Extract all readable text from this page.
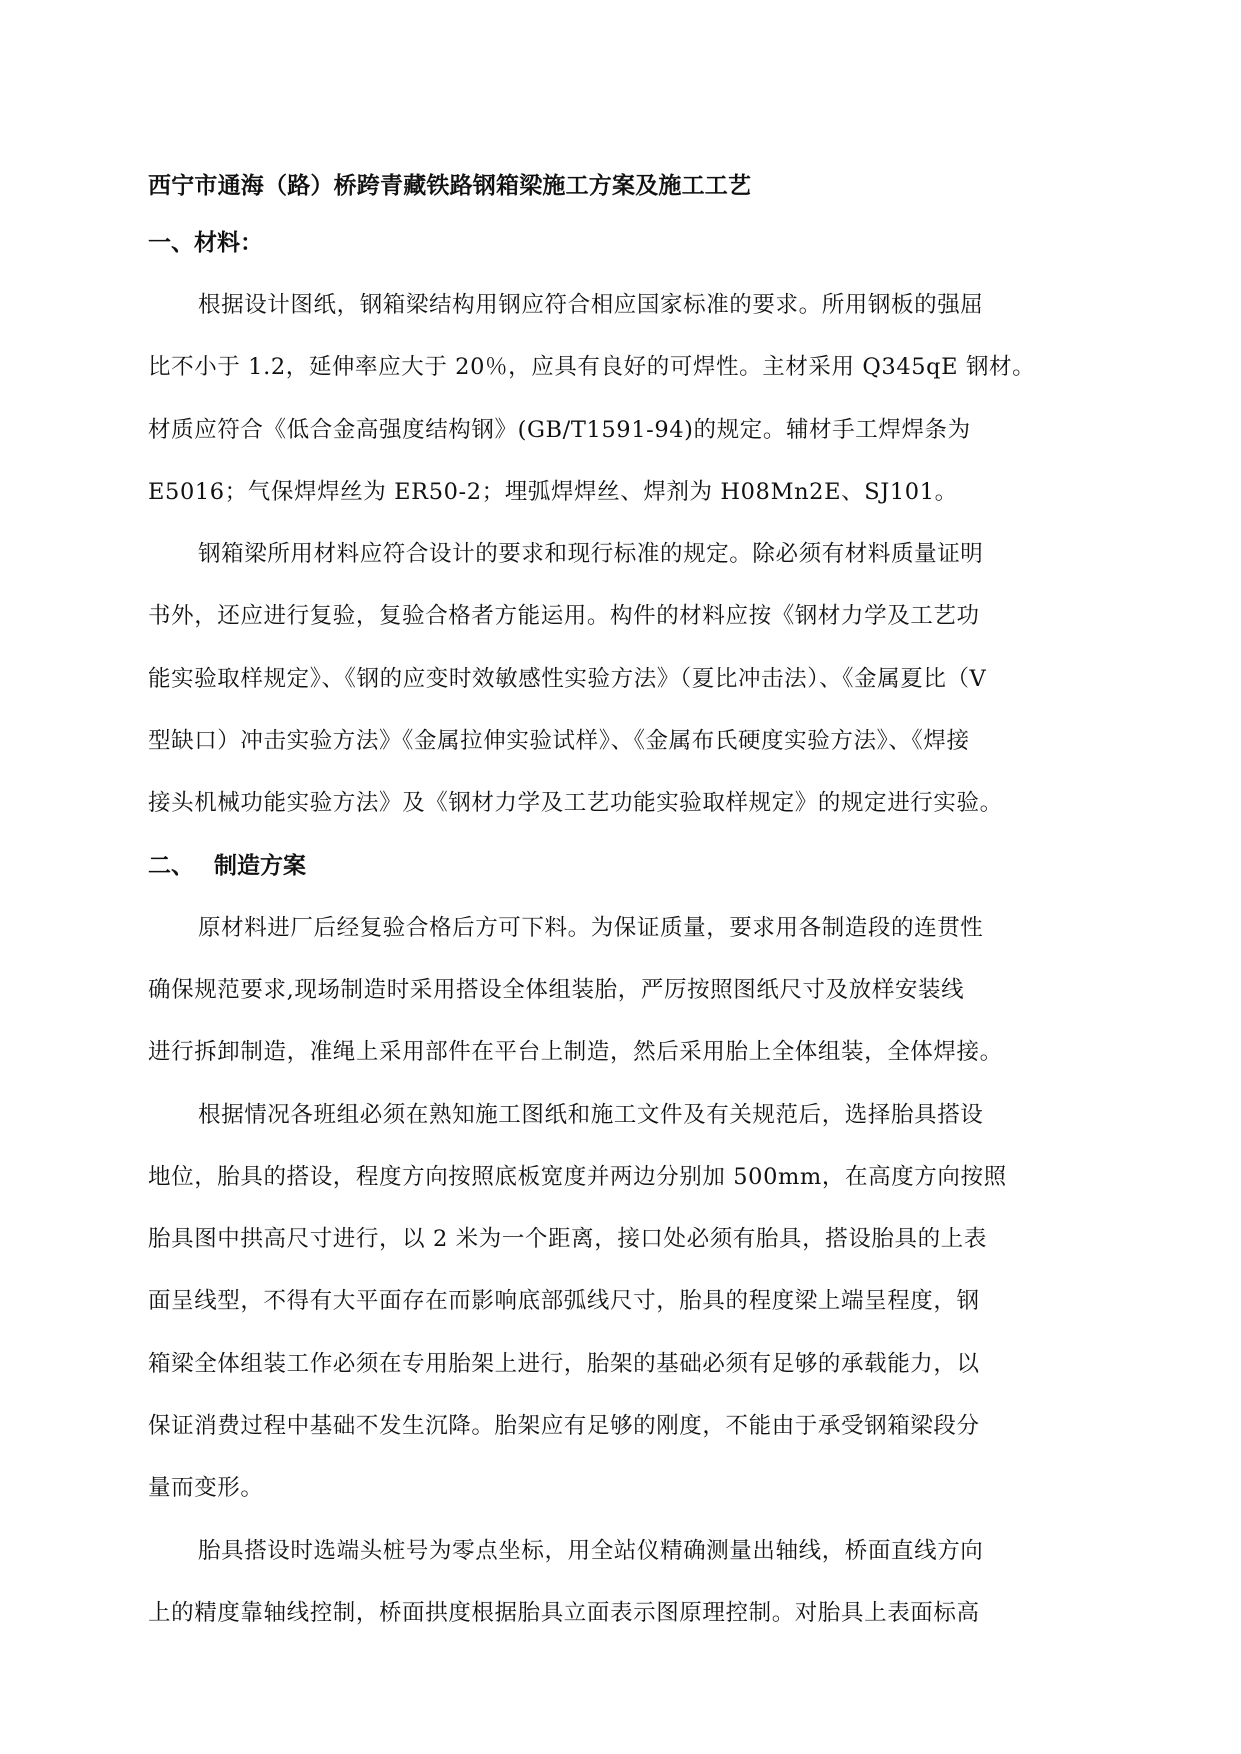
西宁市通海（路）桥跨青藏铁路钢箱梁施工方案及施工工艺
一、材料：
根据设计图纸，钢箱梁结构用钢应符合相应国家标准的要求。所用钢板的强屈
比不小于 1.2，延伸率应大于 20％，应具有良好的可焊性。主材采用 Q345qE 钢材。
材质应符合《低合金高强度结构钢》(GB/T1591-94)的规定。辅材手工焊焊条为
E5016；气保焊焊丝为 ER50-2；埋弧焊焊丝、焊剂为 H08Mn2E、SJ101。
钢箱梁所用材料应符合设计的要求和现行标准的规定。除必须有材料质量证明
书外，还应进行复验，复验合格者方能运用。构件的材料应按《钢材力学及工艺功
能实验取样规定》、《钢的应变时效敏感性实验方法》（夏比冲击法）、《金属夏比（V
型缺口）冲击实验方法》《金属拉伸实验试样》、《金属布氏硬度实验方法》、《焊接
接头机械功能实验方法》及《钢材力学及工艺功能实验取样规定》的规定进行实验。
二、 制造方案
原材料进厂后经复验合格后方可下料。为保证质量，要求用各制造段的连贯性
确保规范要求,现场制造时采用搭设全体组装胎，严厉按照图纸尺寸及放样安装线
进行拆卸制造，准绳上采用部件在平台上制造，然后采用胎上全体组装，全体焊接。
根据情况各班组必须在熟知施工图纸和施工文件及有关规范后，选择胎具搭设
地位，胎具的搭设，程度方向按照底板宽度并两边分别加 500mm，在高度方向按照
胎具图中拱高尺寸进行，以 2 米为一个距离，接口处必须有胎具，搭设胎具的上表
面呈线型，不得有大平面存在而影响底部弧线尺寸，胎具的程度梁上端呈程度，钢
箱梁全体组装工作必须在专用胎架上进行，胎架的基础必须有足够的承载能力，以
保证消费过程中基础不发生沉降。胎架应有足够的刚度，不能由于承受钢箱梁段分
量而变形。
胎具搭设时选端头桩号为零点坐标，用全站仪精确测量出轴线，桥面直线方向
上的精度靠轴线控制，桥面拱度根据胎具立面表示图原理控制。对胎具上表面标高
